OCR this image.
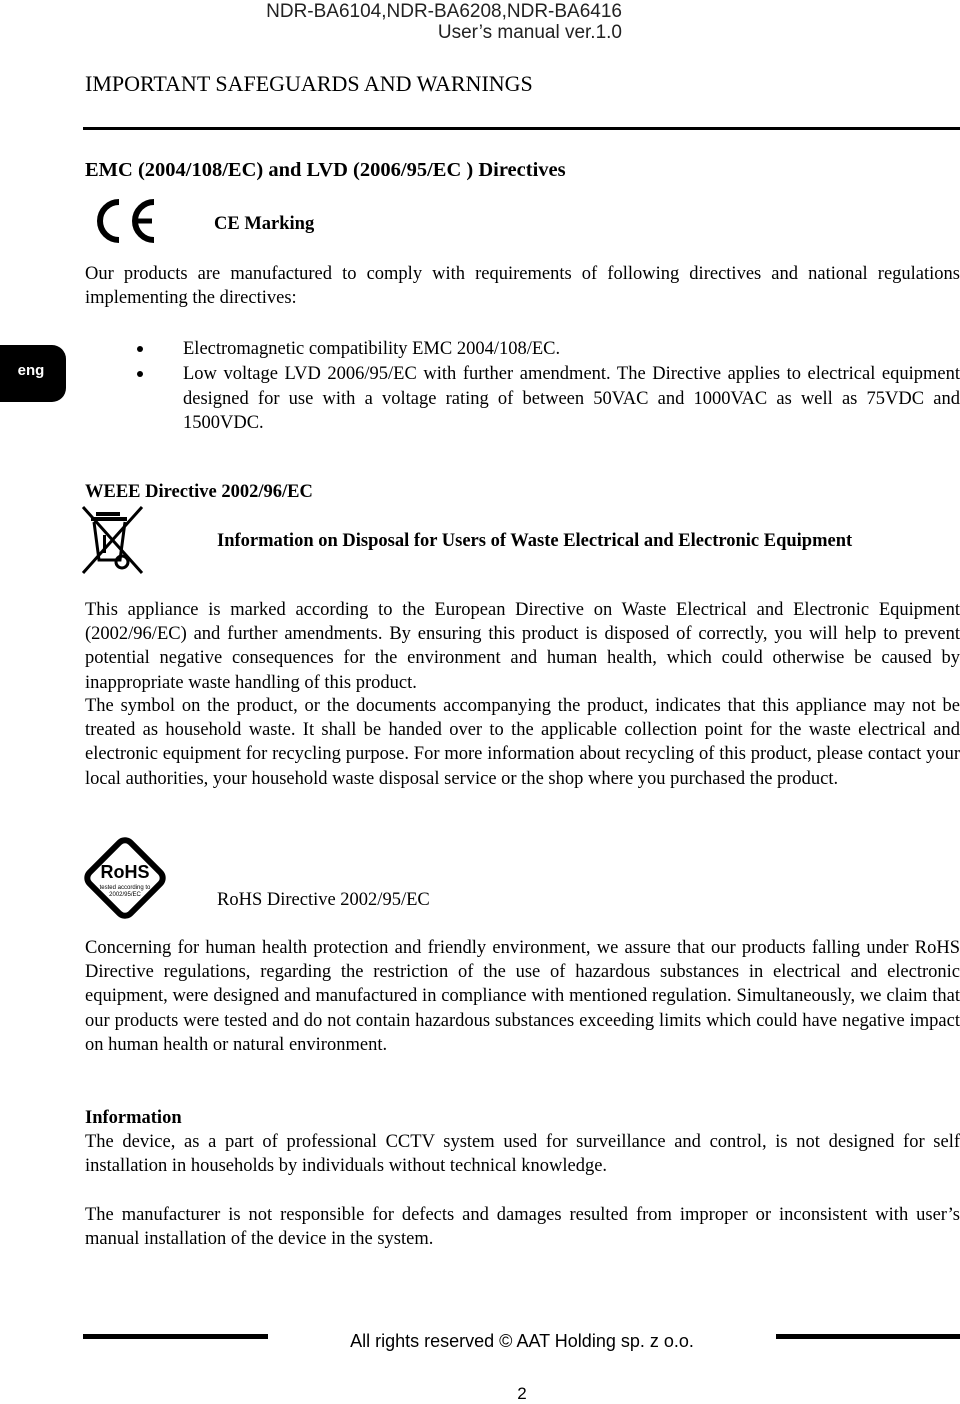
NDR-BA6104,NDR-BA6208,NDR-BA6416
User’s manual ver.1.0
IMPORTANT SAFEGUARDS AND WARNINGS
eng
EMC (2004/108/EC) and LVD (2006/95/EC ) Directives
CE Marking
Our products are manufactured to comply with requirements of following directives and national regulations implementing the directives:
Electromagnetic compatibility EMC 2004/108/EC.
Low voltage LVD 2006/95/EC with further amendment. The Directive applies to electrical equipment designed for use with a voltage rating of between 50VAC and 1000VAC as well as 75VDC and 1500VDC.
WEEE Directive 2002/96/EC
Information on Disposal for Users of Waste Electrical and Electronic Equipment
This appliance is marked according to the European Directive on Waste Electrical and Electronic Equipment (2002/96/EC) and further amendments. By ensuring this product is disposed of correctly, you will help to prevent potential negative consequences for the environment and human health, which could otherwise be caused by inappropriate waste handling of this product.
The symbol on the product, or the documents accompanying the product, indicates that this appliance may not be treated as household waste. It shall be handed over to the applicable collection point for the waste electrical and electronic equipment for recycling purpose. For more information about recycling of this product, please contact your local authorities, your household waste disposal service or the shop where you purchased the product.
RoHS
tested according to
2002/95/EC	RoHS Directive 2002/95/EC
Concerning for human health protection and friendly environment, we assure that our products falling under RoHS Directive regulations, regarding the restriction of the use of hazardous substances in electrical and electronic equipment, were designed and manufactured in compliance with mentioned regulation. Simultaneously, we claim that our products were tested and do not contain hazardous substances exceeding limits which could have negative impact on human health or natural environment.
Information
The device, as a part of professional CCTV system used for surveillance and control, is not designed for self installation in households by individuals without technical knowledge.
The manufacturer is not responsible for defects and damages resulted from improper or inconsistent with user’s manual installation of the device in the system.
All rights reserved © AAT Holding sp. z o.o.
2
